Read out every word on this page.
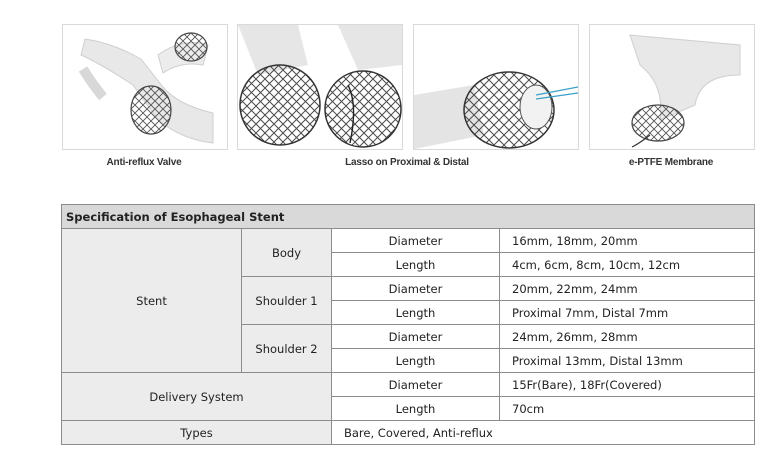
Anti-reflux Valve	Lasso on Proximal & Distal	e-PTFE Membrane
Specification of Esophageal Stent			
Stent	Body	Diameter	16mm, 18mm, 20mm
		Length	4cm, 6cm, 8cm, 10cm, 12cm
	Shoulder 1	Diameter	20mm, 22mm, 24mm
		Length	Proximal 7mm, Distal 7mm
	Shoulder 2	Diameter	24mm, 26mm, 28mm
		Length	Proximal 13mm, Distal 13mm
Delivery System		Diameter	15Fr(Bare), 18Fr(Covered)
		Length	70cm
Types		Bare, Covered, Anti-reflux	
